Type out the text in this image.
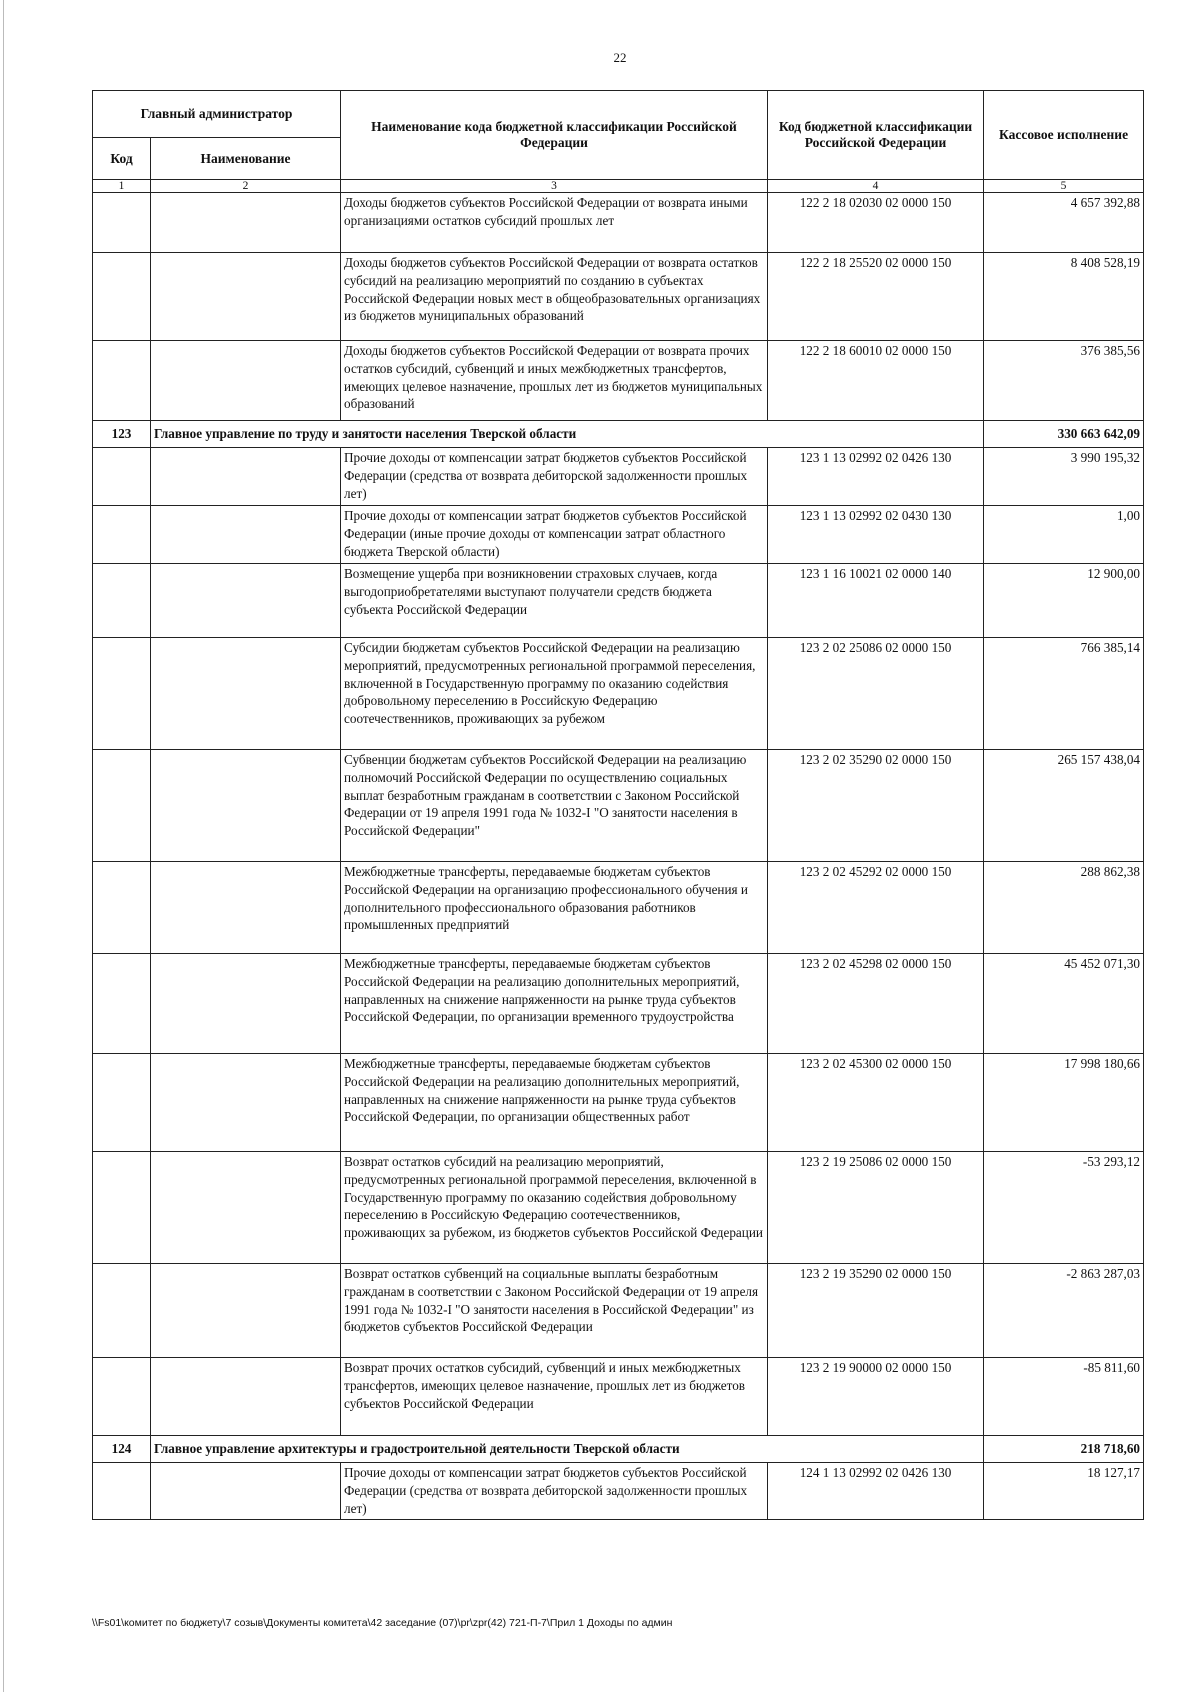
22
Главный администратор		Наименование кода бюджетной классификации Российской Федерации	Код бюджетной классификации Российской Федерации	Кассовое исполнение
Код	Наименование			
1	2	3	4	5
		Доходы бюджетов субъектов Российской Федерации от возврата иными организациями остатков субсидий прошлых лет	122 2 18 02030 02 0000 150	4 657 392,88
		Доходы бюджетов субъектов Российской Федерации от возврата остатков субсидий на реализацию мероприятий по созданию в субъектах Российской Федерации новых мест в общеобразовательных организациях из бюджетов муниципальных образований	122 2 18 25520 02 0000 150	8 408 528,19
		Доходы бюджетов субъектов Российской Федерации от возврата прочих остатков субсидий, субвенций и иных межбюджетных трансфертов, имеющих целевое назначение, прошлых лет из бюджетов муниципальных образований	122 2 18 60010 02 0000 150	376 385,56
123	Главное управление по труду и занятости населения Тверской области			330 663 642,09
		Прочие доходы от компенсации затрат бюджетов субъектов Российской Федерации (средства от возврата дебиторской задолженности прошлых лет)	123 1 13 02992 02 0426 130	3 990 195,32
		Прочие доходы от компенсации затрат бюджетов субъектов Российской Федерации (иные прочие доходы от компенсации затрат областного бюджета Тверской области)	123 1 13 02992 02 0430 130	1,00
		Возмещение ущерба при возникновении страховых случаев, когда выгодоприобретателями выступают получатели средств бюджета субъекта Российской Федерации	123 1 16 10021 02 0000 140	12 900,00
		Субсидии бюджетам субъектов Российской Федерации на реализацию мероприятий, предусмотренных региональной программой переселения, включенной в Государственную программу по оказанию содействия добровольному переселению в Российскую Федерацию соотечественников, проживающих за рубежом	123 2 02 25086 02 0000 150	766 385,14
		Субвенции бюджетам субъектов Российской Федерации на реализацию полномочий Российской Федерации по осуществлению социальных выплат безработным гражданам в соответствии с Законом Российской Федерации от 19 апреля 1991 года № 1032-I "О занятости населения в Российской Федерации"	123 2 02 35290 02 0000 150	265 157 438,04
		Межбюджетные трансферты, передаваемые бюджетам субъектов Российской Федерации на организацию профессионального обучения и дополнительного профессионального образования работников промышленных предприятий	123 2 02 45292 02 0000 150	288 862,38
		Межбюджетные трансферты, передаваемые бюджетам субъектов Российской Федерации на реализацию дополнительных мероприятий, направленных на снижение напряженности на рынке труда субъектов Российской Федерации, по организации временного трудоустройства	123 2 02 45298 02 0000 150	45 452 071,30
		Межбюджетные трансферты, передаваемые бюджетам субъектов Российской Федерации на реализацию дополнительных мероприятий, направленных на снижение напряженности на рынке труда субъектов Российской Федерации, по организации общественных работ	123 2 02 45300 02 0000 150	17 998 180,66
		Возврат остатков субсидий на реализацию мероприятий, предусмотренных региональной программой переселения, включенной в Государственную программу по оказанию содействия добровольному переселению в Российскую Федерацию соотечественников, проживающих за рубежом, из бюджетов субъектов Российской Федерации	123 2 19 25086 02 0000 150	-53 293,12
		Возврат остатков субвенций на социальные выплаты безработным гражданам в соответствии с Законом Российской Федерации от 19 апреля 1991 года № 1032-I "О занятости населения в Российской Федерации" из бюджетов субъектов Российской Федерации	123 2 19 35290 02 0000 150	-2 863 287,03
		Возврат прочих остатков субсидий, субвенций и иных межбюджетных трансфертов, имеющих целевое назначение, прошлых лет из бюджетов субъектов Российской Федерации	123 2 19 90000 02 0000 150	-85 811,60
124	Главное управление архитектуры и градостроительной деятельности Тверской области			218 718,60
		Прочие доходы от компенсации затрат бюджетов субъектов Российской Федерации (средства от возврата дебиторской задолженности прошлых лет)	124 1 13 02992 02 0426 130	18 127,17
\\Fs01\комитет по бюджету\7 созыв\Документы комитета\42 заседание (07)\pr\zpr(42) 721-П-7\Прил 1 Доходы по админ
